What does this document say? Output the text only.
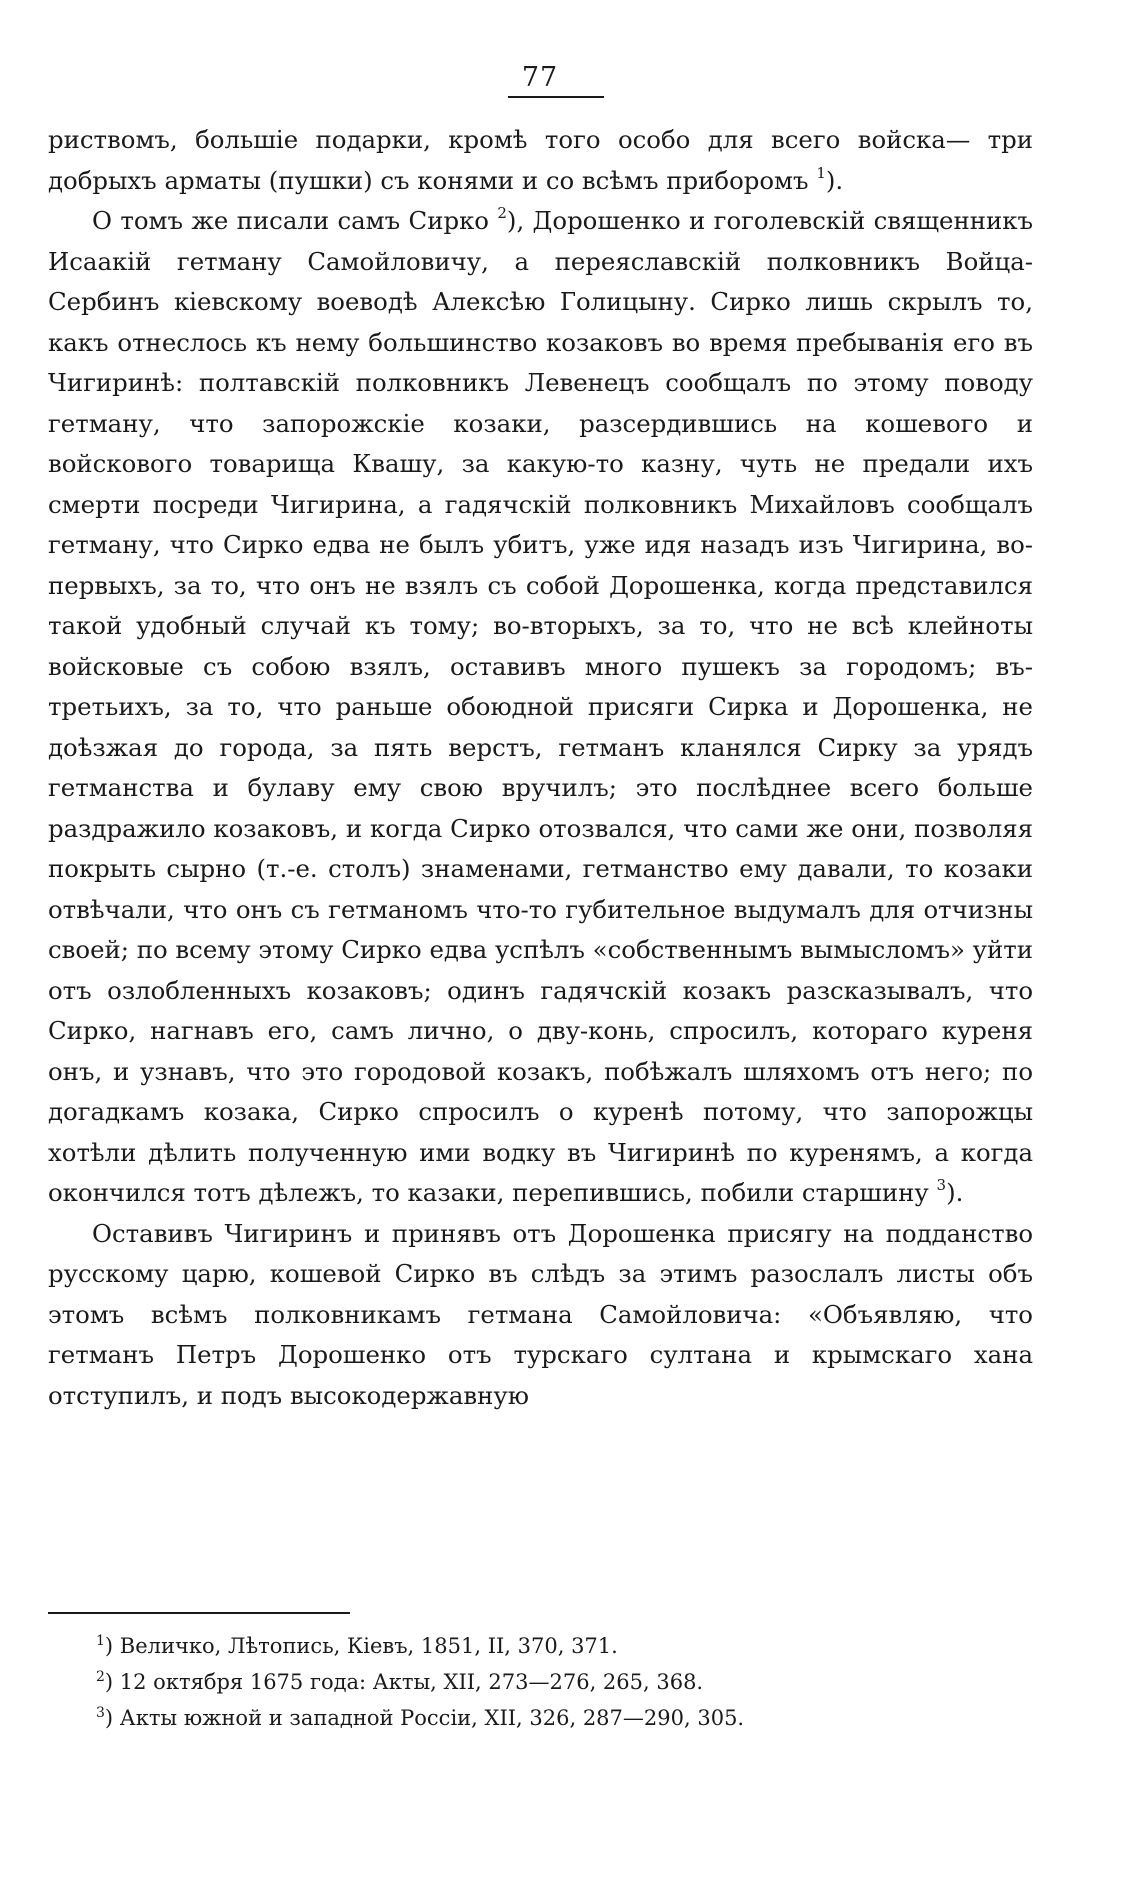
77

риствомъ, большіе подарки, кромѣ того особо для всего войска— три добрыхъ арматы (пушки) съ конями и со всѣмъ приборомъ $^1$).

О томъ же писали самъ Сирко $^2$), Дорошенко и гоголевскій священникъ Исаакій гетману Самойловичу, а переяславскій полковникъ Войца-Сербинъ кіевскому воеводѣ Алексѣю Голицыну. Сирко лишь скрылъ то, какъ отнеслось къ нему большинство козаковъ во время пребыванія его въ Чигиринѣ: полтавскій полковникъ Левенецъ сообщалъ по этому поводу гетману, что запорожскіе козаки, разсердившись на кошевого и войскового товарища Квашу, за какую-то казну, чуть не предали ихъ смерти посреди Чигирина, а гадячскій полковникъ Михайловъ сообщалъ гетману, что Сирко едва не былъ убитъ, уже идя назадъ изъ Чигирина, во-первыхъ, за то, что онъ не взялъ съ собой Дорошенка, когда представился такой удобный случай къ тому; во-вторыхъ, за то, что не всѣ клейноты войсковые съ собою взялъ, оставивъ много пушекъ за городомъ; въ-третьихъ, за то, что раньше обоюдной присяги Сирка и Дорошенка, не доѣзжая до города, за пять верстъ, гетманъ кланялся Сирку за урядъ гетманства и булаву ему свою вручилъ; это послѣднее всего больше раздражило козаковъ, и когда Сирко отозвался, что сами же они, позволяя покрыть сырно (т.-е. столъ) знаменами, гетманство ему давали, то козаки отвѣчали, что онъ съ гетманомъ что-то губительное выдумалъ для отчизны своей; по всему этому Сирко едва успѣлъ «собственнымъ вымысломъ» уйти отъ озлобленныхъ козаковъ; одинъ гадячскій козакъ разсказывалъ, что Сирко, нагнавъ его, самъ лично, о дву-конь, спросилъ, котораго куреня онъ, и узнавъ, что это городовой козакъ, побѣжалъ шляхомъ отъ него; по догадкамъ козака, Сирко спросилъ о куренѣ потому, что запорожцы хотѣли дѣлить полученную ими водку въ Чигиринѣ по куренямъ, а когда окончился тотъ дѣлежъ, то казаки, перепившись, побили старшину $^3$).

Оставивъ Чигиринъ и принявъ отъ Дорошенка присягу на подданство русскому царю, кошевой Сирко въ слѣдъ за этимъ разослалъ листы объ этомъ всѣмъ полковникамъ гетмана Самойловича: «Объявляю, что гетманъ Петръ Дорошенко отъ турскаго султана и крымскаго хана отступилъ, и подъ высокодержавную

$^1$) Величко, Лѣтопись, Кіевъ, 1851, II, 370, 371.
$^2$) 12 октября 1675 года: Акты, XII, 273—276, 265, 368.
$^3$) Акты южной и западной Россіи, XII, 326, 287—290, 305.
